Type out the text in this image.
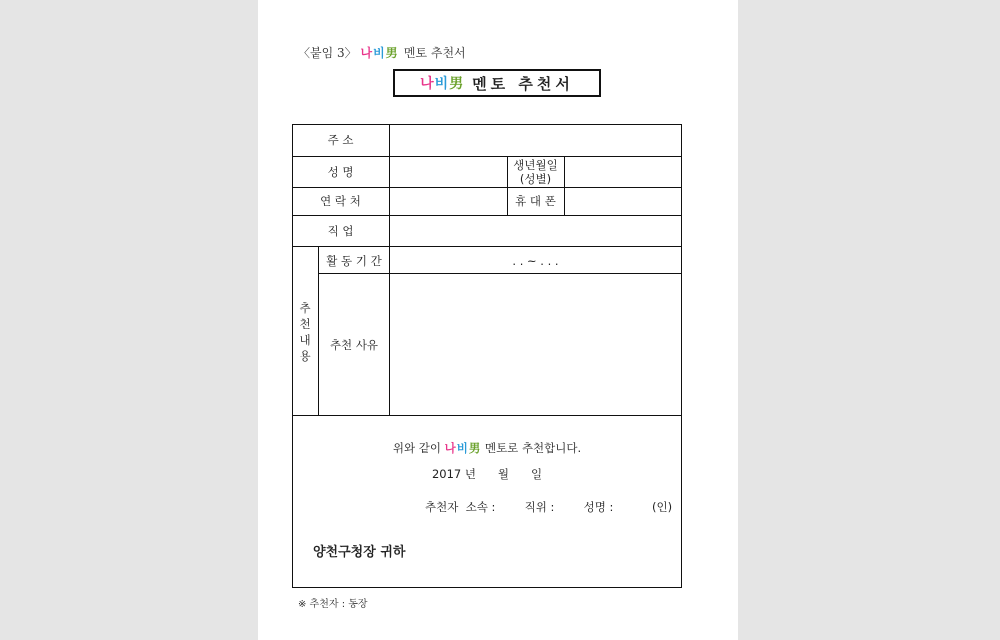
〈붙임 3〉 나비男 멘토 추천서
나비男 멘토 추천서
주 소
성 명	생년월일
(성별)
연 락 처	휴 대 폰
직 업
추
천
내
용
활 동 기 간	. . ~ . . .
추천 사유
위와 같이 나비男 멘토로 추천합니다.
2017 년      월      일
추천자  소속 :        직위 :        성명 :	(인)
양천구청장 귀하
※ 추천자 : 동장
